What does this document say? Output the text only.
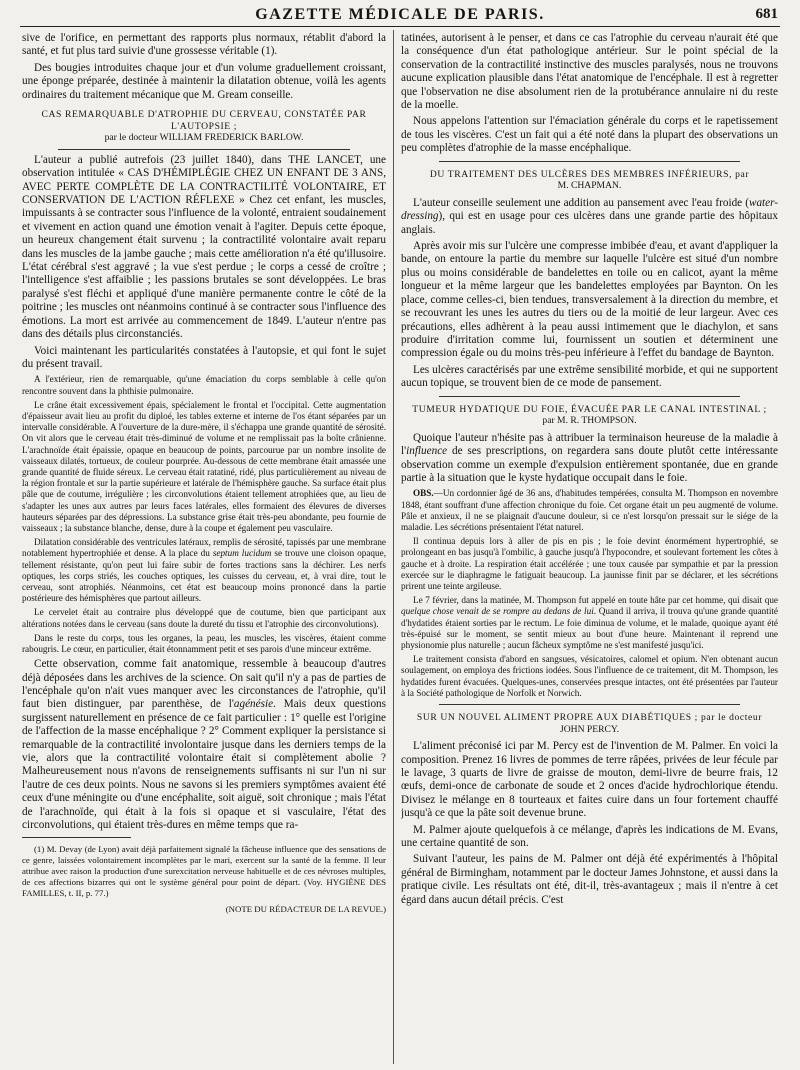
GAZETTE MÉDICALE DE PARIS.	681

sive de l'orifice, en permettant des rapports plus normaux, rétablit d'abord la santé, et fut plus tard suivie d'une grossesse véritable (1).

Des bougies introduites chaque jour et d'un volume graduellement croissant, une éponge préparée, destinée à maintenir la dilatation obtenue, voilà les agents ordinaires du traitement mécanique que M. Gream conseille.

CAS REMARQUABLE D'ATROPHIE DU CERVEAU, CONSTATÉE PAR L'AUTOPSIE ;
par le docteur WILLIAM FREDERICK BARLOW.

L'auteur a publié autrefois (23 juillet 1840), dans THE LANCET, une observation intitulée « CAS D'HÉMIPLÉGIE CHEZ UN ENFANT DE 3 ANS, AVEC PERTE COMPLÈTE DE LA CONTRACTILITÉ VOLONTAIRE, ET CONSERVATION DE L'ACTION RÉFLEXE » Chez cet enfant, les muscles, impuissants à se contracter sous l'influence de la volonté, entraient soudainement et vivement en action quand une émotion venait à l'agiter. Depuis cette époque, un heureux changement était survenu ; la contractilité volontaire avait reparu dans les muscles de la jambe gauche ; mais cette amélioration n'a été qu'illusoire. L'état cérébral s'est aggravé ; la vue s'est perdue ; le corps a cessé de croître ; l'intelligence s'est affaiblie ; les passions brutales se sont développées. Le bras paralysé s'est fléchi et appliqué d'une manière permanente contre le côté de la poitrine ; les muscles ont néanmoins continué à se contracter sous l'influence des émotions. La mort est arrivée au commencement de 1849. L'auteur n'entre pas dans des détails plus circonstanciés.

Voici maintenant les particularités constatées à l'autopsie, et qui font le sujet du présent travail.

A l'extérieur, rien de remarquable, qu'une émaciation du corps semblable à celle qu'on rencontre souvent dans la phthisie pulmonaire.

Le crâne était excessivement épais, spécialement le frontal et l'occipital. Cette augmentation d'épaisseur avait lieu au profit du diploé, les tables externe et interne de l'os étant séparées par un intervalle considérable. A l'ouverture de la dure-mère, il s'échappa une grande quantité de sérosité. On vit alors que le cerveau était très-diminué de volume et ne remplissait pas la boîte crânienne. L'arachnoïde était épaissie, opaque en beaucoup de points, parcourue par un nombre insolite de vaisseaux dilatés, tortueux, de couleur pourprée. Au-dessous de cette membrane était amassée une grande quantité de fluide séreux. Le cerveau était ratatiné, ridé, plus particulièrement au niveau de la région frontale et sur la partie supérieure et latérale de l'hémisphère gauche. Sa surface était plus pâle que de coutume, irrégulière ; les circonvolutions étaient tellement atrophiées que, au lieu de s'adapter les unes aux autres par leurs faces latérales, elles formaient des élevures de diverses hauteurs séparées par des dépressions. La substance grise était très-peu abondante, peu fournie de vaisseaux ; la substance blanche, dense, dure à la coupe et également peu vasculaire.

Dilatation considérable des ventricules latéraux, remplis de sérosité, tapissés par une membrane notablement hypertrophiée et dense. A la place du septum lucidum se trouve une cloison opaque, tellement résistante, qu'on peut lui faire subir de fortes tractions sans la déchirer. Les nerfs optiques, les corps striés, les couches optiques, les cuisses du cerveau, et, à vrai dire, tout le cerveau, sont atrophiés. Néanmoins, cet état est beaucoup moins prononcé dans la partie postérieure des hémisphères que partout ailleurs.

Le cervelet était au contraire plus développé que de coutume, bien que participant aux altérations notées dans le cerveau (sans doute la dureté du tissu et l'atrophie des circonvolutions).

Dans le reste du corps, tous les organes, la peau, les muscles, les viscères, étaient comme rabougris. Le cœur, en particulier, était étonnamment petit et ses parois d'une minceur extrême.

Cette observation, comme fait anatomique, ressemble à beaucoup d'autres déjà déposées dans les archives de la science. On sait qu'il n'y a pas de parties de l'encéphale qu'on n'ait vues manquer avec les circonstances de l'atrophie, qu'il faut bien distinguer, par parenthèse, de l'agénésie. Mais deux questions surgissent naturellement en présence de ce fait particulier : 1° quelle est l'origine de l'affection de la masse encéphalique ? 2° Comment expliquer la persistance si remarquable de la contractilité involontaire jusque dans les derniers temps de la vie, alors que la contractilité volontaire était si complètement abolie ? Malheureusement nous n'avons de renseignements suffisants ni sur l'un ni sur l'autre de ces deux points. Nous ne savons si les premiers symptômes avaient été ceux d'une méningite ou d'une encéphalite, soit aiguë, soit chronique ; mais l'état de l'arachnoïde, qui était à la fois si opaque et si vasculaire, l'état des circonvolutions, qui étaient très-dures en même temps que ra-

(1) M. Devay (de Lyon) avait déjà parfaitement signalé la fâcheuse influence que des sensations de ce genre, laissées volontairement incomplètes par le mari, exercent sur la santé de la femme. Il leur attribue avec raison la production d'une surexcitation nerveuse habituelle et de ces névroses multiples, de ces affections bizarres qui ont le système général pour point de départ. (Voy. HYGIÈNE DES FAMILLES, t. II, p. 77.)

(NOTE DU RÉDACTEUR DE LA REVUE.)

tatinées, autorisent à le penser, et dans ce cas l'atrophie du cerveau n'aurait été que la conséquence d'un état pathologique antérieur. Sur le point spécial de la conservation de la contractilité instinctive des muscles paralysés, nous ne trouvons aucune explication plausible dans l'état anatomique de l'encéphale. Il est à regretter que l'observation ne dise absolument rien de la protubérance annulaire ni du reste de la moelle.

Nous appelons l'attention sur l'émaciation générale du corps et le rapetissement de tous les viscères. C'est un fait qui a été noté dans la plupart des observations un peu complètes d'atrophie de la masse encéphalique.

DU TRAITEMENT DES ULCÈRES DES MEMBRES INFÉRIEURS, par
M. CHAPMAN.

L'auteur conseille seulement une addition au pansement avec l'eau froide (water-dressing), qui est en usage pour ces ulcères dans une grande partie des hôpitaux anglais.

Après avoir mis sur l'ulcère une compresse imbibée d'eau, et avant d'appliquer la bande, on entoure la partie du membre sur laquelle l'ulcère est situé d'un nombre plus ou moins considérable de bandelettes en toile ou en calicot, ayant la même longueur et la même largeur que les bandelettes employées par Baynton. On les place, comme celles-ci, bien tendues, transversalement à la direction du membre, et se recouvrant les unes les autres du tiers ou de la moitié de leur largeur. Avec ces précautions, elles adhèrent à la peau aussi intimement que le diachylon, et sans produire d'irritation comme lui, fournissent un soutien et déterminent une compression égale ou du moins très-peu inférieure à l'effet du bandage de Baynton.

Les ulcères caractérisés par une extrême sensibilité morbide, et qui ne supportent aucun topique, se trouvent bien de ce mode de pansement.

TUMEUR HYDATIQUE DU FOIE, ÉVACUÉE PAR LE CANAL INTESTINAL ;
par M. R. THOMPSON.

Quoique l'auteur n'hésite pas à attribuer la terminaison heureuse de la maladie à l'influence de ses prescriptions, on regardera sans doute plutôt cette intéressante observation comme un exemple d'expulsion entièrement spontanée, due en grande partie à la situation que le kyste hydatique occupait dans le foie.

OBS.—Un cordonnier âgé de 36 ans, d'habitudes tempérées, consulta M. Thompson en novembre 1848, étant souffrant d'une affection chronique du foie. Cet organe était un peu augmenté de volume. Pâle et anxieux, il ne se plaignait d'aucune douleur, si ce n'est lorsqu'on pressait sur le siége de la maladie. Les sécrétions présentaient l'état naturel.

Il continua depuis lors à aller de pis en pis ; le foie devint énormément hypertrophié, se prolongeant en bas jusqu'à l'ombilic, à gauche jusqu'à l'hypocondre, et soulevant fortement les côtes à gauche et à droite. La respiration était accélérée ; une toux causée par sympathie et par la pression exercée sur le diaphragme le fatiguait beaucoup. La jaunisse finit par se déclarer, et les sécrétions prirent une teinte argileuse.

Le 7 février, dans la matinée, M. Thompson fut appelé en toute hâte par cet homme, qui disait que quelque chose venait de se rompre au dedans de lui. Quand il arriva, il trouva qu'une grande quantité d'hydatides étaient sorties par le rectum. Le foie diminua de volume, et le malade, quoique ayant été très-épuisé sur le moment, se sentit mieux au bout d'une heure. Maintenant il reprend une physionomie plus naturelle ; aucun fâcheux symptôme ne s'est manifesté jusqu'ici.

Le traitement consista d'abord en sangsues, vésicatoires, calomel et opium. N'en obtenant aucun soulagement, on employa des frictions iodées. Sous l'influence de ce traitement, dit M. Thompson, les hydatides furent évacuées. Quelques-unes, conservées presque intactes, ont été présentées par l'auteur à la Société pathologique de Norfolk et Norwich.

SUR UN NOUVEL ALIMENT PROPRE AUX DIABÉTIQUES ; par le docteur
JOHN PERCY.

L'aliment préconisé ici par M. Percy est de l'invention de M. Palmer. En voici la composition. Prenez 16 livres de pommes de terre râpées, privées de leur fécule par le lavage, 3 quarts de livre de graisse de mouton, demi-livre de beurre frais, 12 œufs, demi-once de carbonate de soude et 2 onces d'acide hydrochlorique étendu. Divisez le mélange en 8 tourteaux et faites cuire dans un four fortement chauffé jusqu'à ce que la pâte soit devenue brune.

M. Palmer ajoute quelquefois à ce mélange, d'après les indications de M. Evans, une certaine quantité de son.

Suivant l'auteur, les pains de M. Palmer ont déjà été expérimentés à l'hôpital général de Birmingham, notamment par le docteur James Johnstone, et aussi dans la pratique civile. Les résultats ont été, dit-il, très-avantageux ; mais il n'entre à cet égard dans aucun détail précis. C'est
